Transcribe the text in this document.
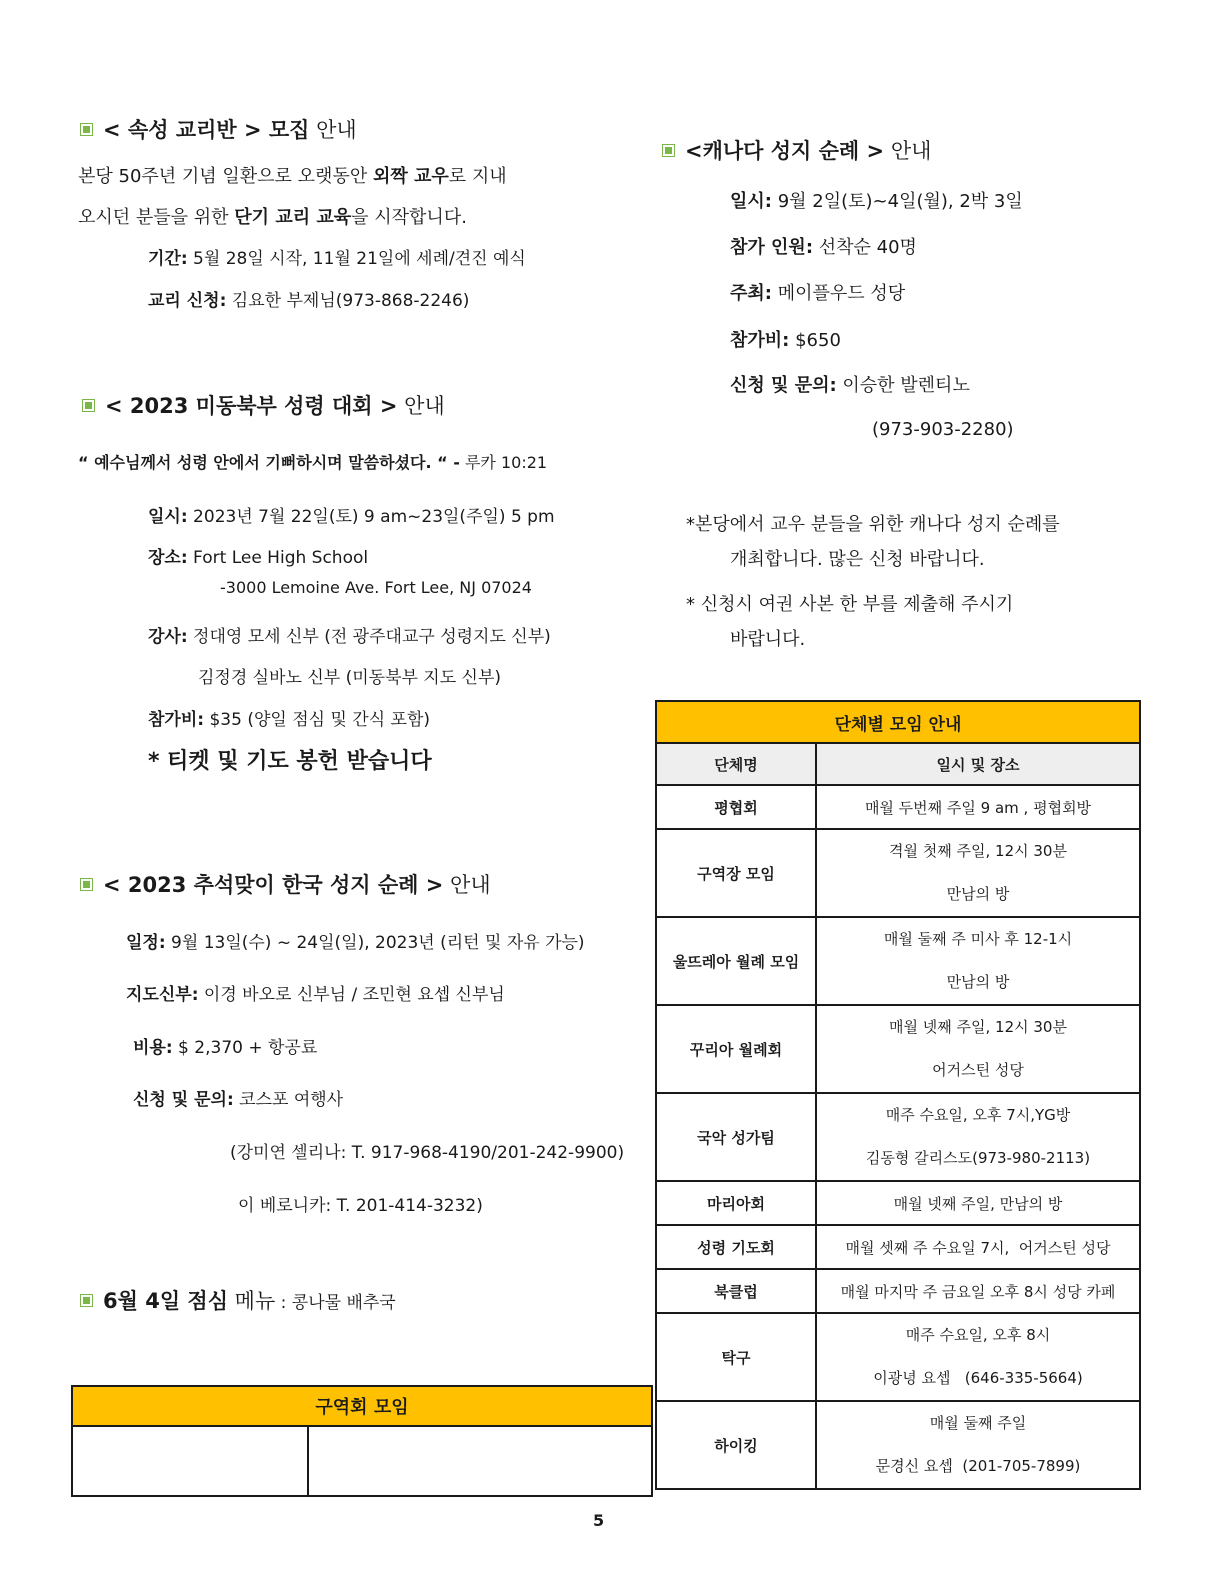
< 속성 교리반 > 모집 안내
본당 50주년 기념 일환으로 오랫동안 외짝 교우로 지내
오시던 분들을 위한 단기 교리 교육을 시작합니다.
기간: 5월 28일 시작, 11월 21일에 세례/견진 예식
교리 신청: 김요한 부제님(973-868-2246)
< 2023 미동북부 성령 대회 > 안내
“ 예수님께서 성령 안에서 기뻐하시며 말씀하셨다. “ - 루카 10:21
일시: 2023년 7월 22일(토) 9 am~23일(주일) 5 pm
장소: Fort Lee High School
-3000 Lemoine Ave. Fort Lee, NJ 07024
강사: 정대영 모세 신부 (전 광주대교구 성령지도 신부)
김정경 실바노 신부 (미동북부 지도 신부)
참가비: $35 (양일 점심 및 간식 포함)
* 티켓 및 기도 봉헌 받습니다
< 2023 추석맞이 한국 성지 순례 > 안내
일정: 9월 13일(수) ~ 24일(일), 2023년 (리턴 및 자유 가능)
지도신부: 이경 바오로 신부님 / 조민현 요셉 신부님
비용: $ 2,370 + 항공료
신청 및 문의: 코스포 여행사
(강미연 셀리나: T. 917-968-4190/201-242-9900)
이 베로니카: T. 201-414-3232)
6월 4일 점심 메뉴 : 콩나물 배추국
<캐나다 성지 순례 > 안내
일시: 9월 2일(토)~4일(월), 2박 3일
참가 인원: 선착순 40명
주최: 메이플우드 성당
참가비: $650
신청 및 문의: 이승한 발렌티노
(973-903-2280)
*본당에서 교우 분들을 위한 캐나다 성지 순례를
개최합니다. 많은 신청 바랍니다.
* 신청시 여권 사본 한 부를 제출해 주시기
바랍니다.
단체별 모임 안내	
단체명	일시 및 장소
평협회	매월 두번째 주일 9 am , 평협회방
구역장 모임	격월 첫째 주일, 12시 30분
만남의 방

울뜨레아 월례 모임	매월 둘째 주 미사 후 12-1시
만남의 방

꾸리아 월례회	매월 넷째 주일, 12시 30분
어거스틴 성당

국악 성가팀	매주 수요일, 오후 7시,YG방
김동형 갈리스도(973-980-2113)

마리아회	매월 넷째 주일, 만남의 방
성령 기도회	매월 셋째 주 수요일 7시,  어거스틴 성당
북클럽	매월 마지막 주 금요일 오후 8시 성당 카페
탁구	매주 수요일, 오후 8시
이광녕 요셉   (646-335-5664)

하이킹	매월 둘째 주일
문경신 요셉  (201-705-7899)
구역회 모임

5
